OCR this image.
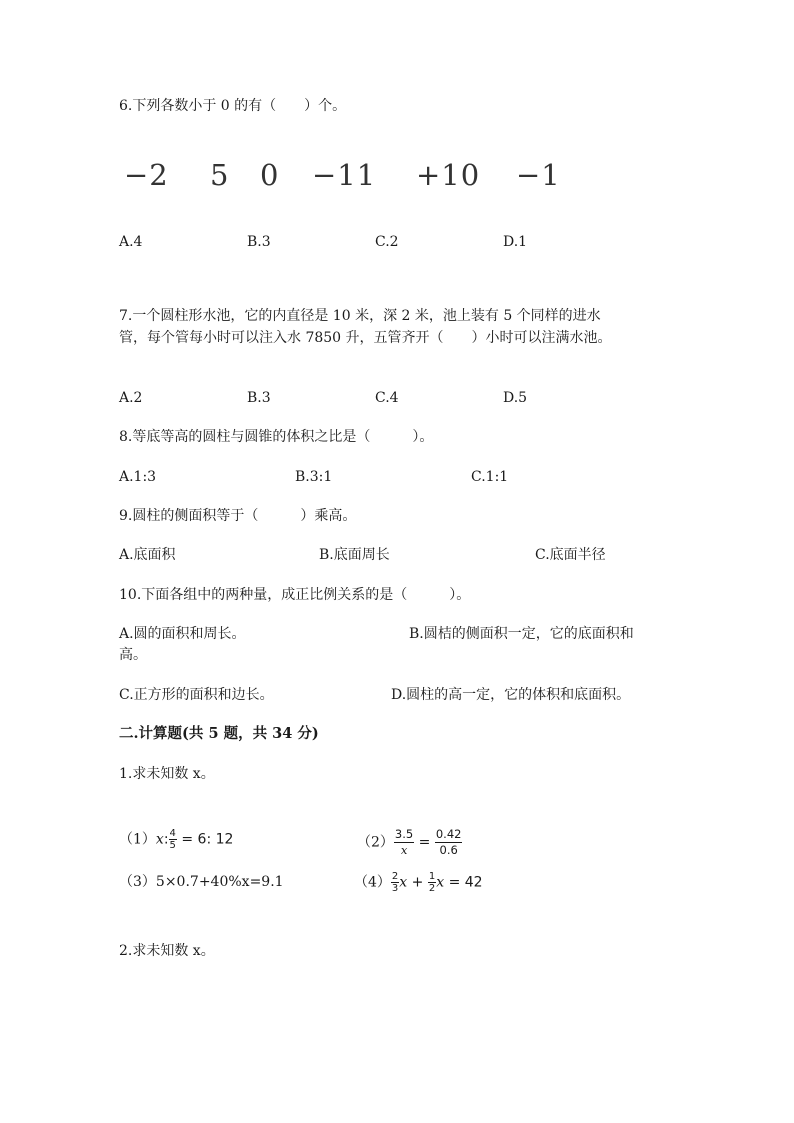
6.下列各数小于 0 的有（　　）个。
−2 5 0 −11 +10 −1
A.4	B.3	C.2	D.1
7.一个圆柱形水池，它的内直径是 10 米，深 2 米，池上装有 5 个同样的进水
管，每个管每小时可以注入水 7850 升，五管齐开（　　）小时可以注满水池。
A.2	B.3	C.4	D.5
8.等底等高的圆柱与圆锥的体积之比是（　　　）。
A.1:3	B.3:1	C.1:1
9.圆柱的侧面积等于（　　　）乘高。
A.底面积	B.底面周长	C.底面半径
10.下面各组中的两种量，成正比例关系的是（　　　）。
A.圆的面积和周长。	B.圆桔的侧面积一定，它的底面积和
高。
C.正方形的面积和边长。	D.圆柱的高一定，它的体积和底面积。
二.计算题(共 5 题，共 34 分)
1.求未知数 x。
（1）x: $\frac{4}{5} = 6$: 12	$(2) \frac{3.5}{x} = \frac{0.42}{0.6}$
（3）5×0.7+40%x=9.1	$(4) \frac{2}{3}$ $x + \frac{1}{2}$ x = 42
2.求未知数 x。
